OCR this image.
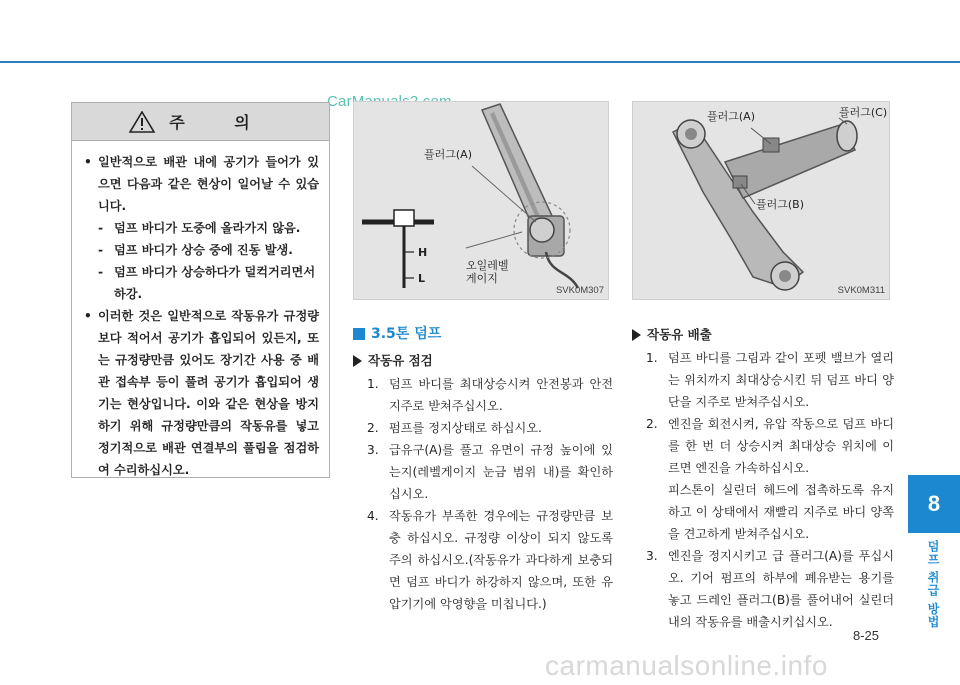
주 의
• 일반적으로 배관 내에 공기가 들어가 있으면 다음과 같은 현상이 일어날 수 있습니다.
- 덤프 바디가 도중에 올라가지 않음.
- 덤프 바디가 상승 중에 진동 발생.
- 덤프 바디가 상승하다가 덜컥거리면서 하강.
• 이러한 것은 일반적으로 작동유가 규정량보다 적어서 공기가 흡입되어 있든지, 또는 규정량만큼 있어도 장기간 사용 중 배관 접속부 등이 풀려 공기가 흡입되어 생기는 현상입니다. 이와 같은 현상을 방지하기 위해 규정량만큼의 작동유를 넣고 정기적으로 배관 연결부의 풀림을 점검하여 수리하십시오.
플러그(A)
오일레벨
게이지
H
L
SVK0M307
플러그(A)
플러그(B)
플러그(C)
SVK0M311
3.5톤 덤프
작동유 점검
1. 덤프 바디를 최대상승시켜 안전봉과 안전지주로 받쳐주십시오.
2. 펌프를 정지상태로 하십시오.
3. 급유구(A)를 풀고 유면이 규정 높이에 있는지(레벨게이지 눈금 범위 내)를 확인하십시오.
4. 작동유가 부족한 경우에는 규정량만큼 보충 하십시오. 규정량 이상이 되지 않도록 주의 하십시오.(작동유가 과다하게 보충되면 덤프 바디가 하강하지 않으며, 또한 유압기기에 악영향을 미칩니다.)
작동유 배출
1. 덤프 바디를 그림과 같이 포펫 밸브가 열리는 위치까지 최대상승시킨 뒤 덤프 바디 양단을 지주로 받쳐주십시오.
2. 엔진을 회전시켜, 유압 작동으로 덤프 바디를 한 번 더 상승시켜 최대상승 위치에 이르면 엔진을 가속하십시오.
피스톤이 실린더 헤드에 접촉하도록 유지하고 이 상태에서 재빨리 지주로 바디 양쪽을 견고하게 받쳐주십시오.
3. 엔진을 정지시키고 급 플러그(A)를 푸십시오. 기어 펌프의 하부에 폐유받는 용기를 놓고 드레인 플러그(B)를 풀어내어 실린더 내의 작동유를 배출시키십시오.
8-25
8
덤프 취급 방법
carmanualsonline.info
